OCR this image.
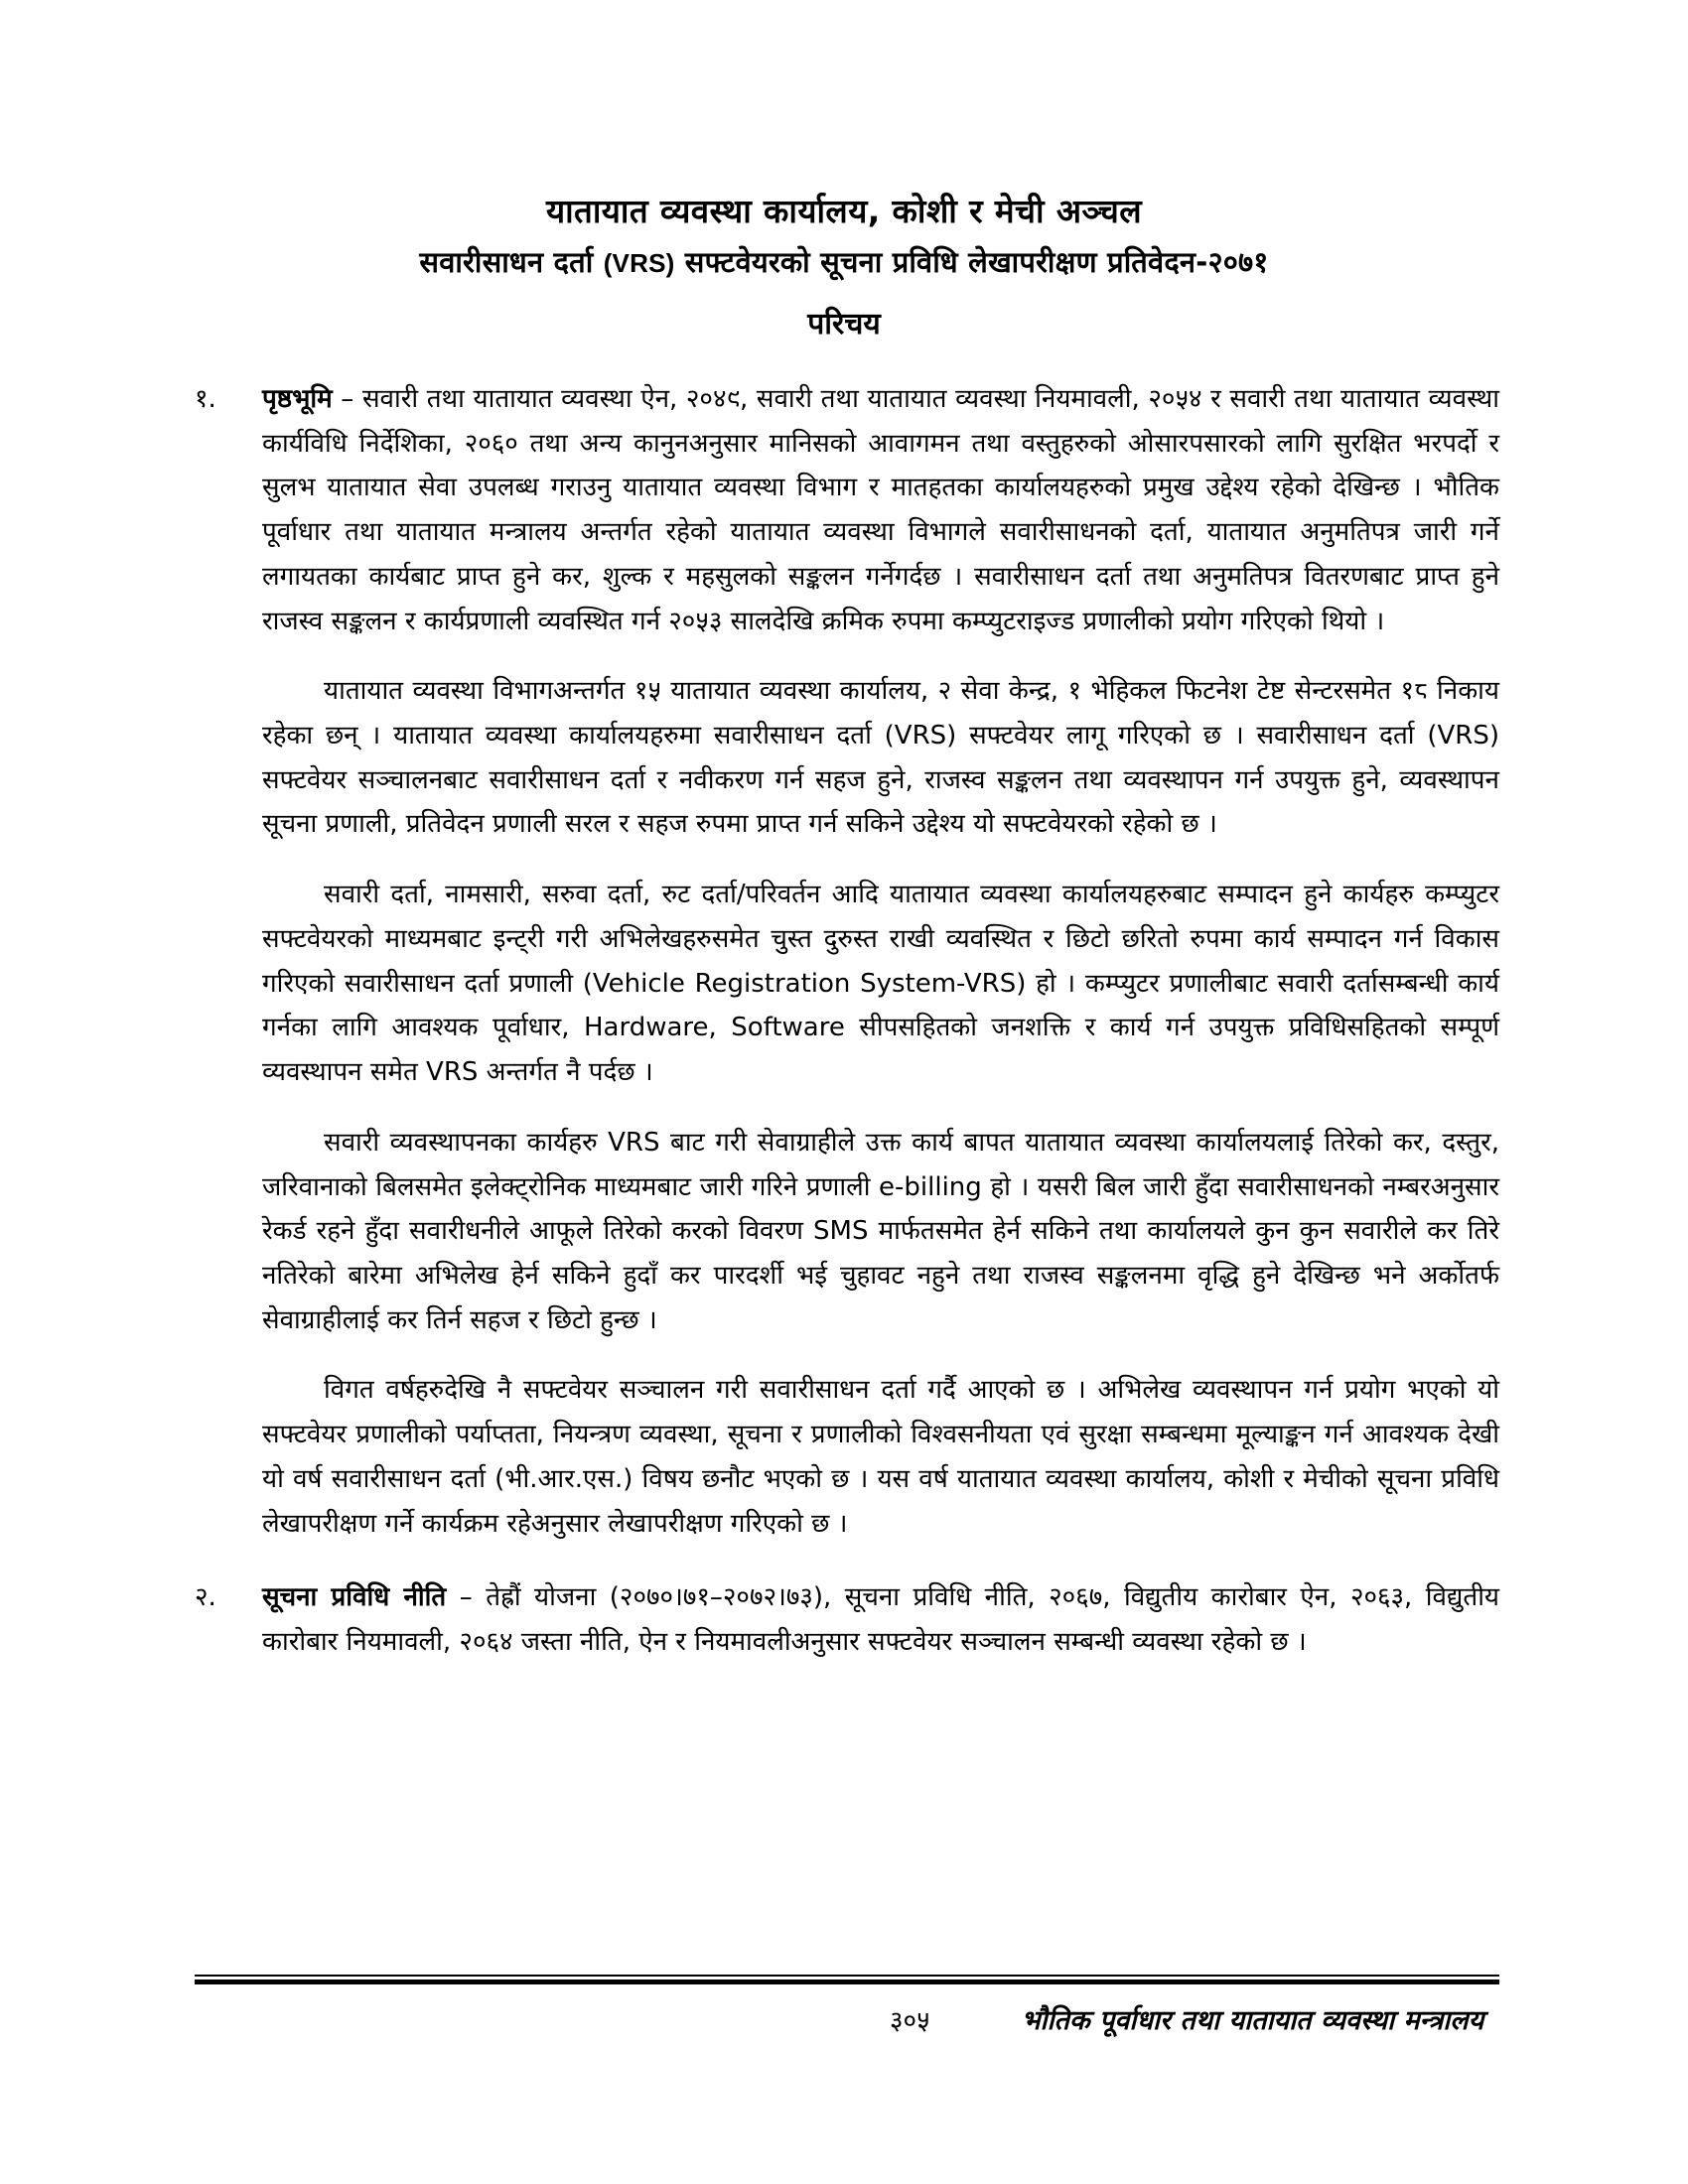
यातायात व्यवस्था कार्यालय, कोशी र मेची अञ्चल
सवारीसाधन दर्ता (VRS) सफ्टवेयरको सूचना प्रविधि लेखापरीक्षण प्रतिवेदन-२०७१
परिचय
१.	पृष्ठभूमि – सवारी तथा यातायात व्यवस्था ऐन, २०४९, सवारी तथा यातायात व्यवस्था नियमावली, २०५४ र सवारी तथा यातायात व्यवस्था कार्यविधि निर्देशिका, २०६० तथा अन्य कानुनअनुसार मानिसको आवागमन तथा वस्तुहरुको ओसारपसारको लागि सुरक्षित भरपर्दो र सुलभ यातायात सेवा उपलब्ध गराउनु यातायात व्यवस्था विभाग र मातहतका कार्यालयहरुको प्रमुख उद्देश्य रहेको देखिन्छ । भौतिक पूर्वाधार तथा यातायात मन्त्रालय अन्तर्गत रहेको यातायात व्यवस्था विभागले सवारीसाधनको दर्ता, यातायात अनुमतिपत्र जारी गर्ने लगायतका कार्यबाट प्राप्त हुने कर, शुल्क र महसुलको सङ्कलन गर्नेगर्दछ । सवारीसाधन दर्ता तथा अनुमतिपत्र वितरणबाट प्राप्त हुने राजस्व सङ्कलन र कार्यप्रणाली व्यवस्थित गर्न २०५३ सालदेखि क्रमिक रुपमा कम्प्युटराइज्ड प्रणालीको प्रयोग गरिएको थियो ।

यातायात व्यवस्था विभागअन्तर्गत १५ यातायात व्यवस्था कार्यालय, २ सेवा केन्द्र, १ भेहिकल फिटनेश टेष्ट सेन्टरसमेत १८ निकाय रहेका छन् । यातायात व्यवस्था कार्यालयहरुमा सवारीसाधन दर्ता (VRS) सफ्टवेयर लागू गरिएको छ । सवारीसाधन दर्ता (VRS) सफ्टवेयर सञ्चालनबाट सवारीसाधन दर्ता र नवीकरण गर्न सहज हुने, राजस्व सङ्कलन तथा व्यवस्थापन गर्न उपयुक्त हुने, व्यवस्थापन सूचना प्रणाली, प्रतिवेदन प्रणाली सरल र सहज रुपमा प्राप्त गर्न सकिने उद्देश्य यो सफ्टवेयरको रहेको छ ।

सवारी दर्ता, नामसारी, सरुवा दर्ता, रुट दर्ता/परिवर्तन आदि यातायात व्यवस्था कार्यालयहरुबाट सम्पादन हुने कार्यहरु कम्प्युटर सफ्टवेयरको माध्यमबाट इन्ट्री गरी अभिलेखहरुसमेत चुस्त दुरुस्त राखी व्यवस्थित र छिटो छरितो रुपमा कार्य सम्पादन गर्न विकास गरिएको सवारीसाधन दर्ता प्रणाली (Vehicle Registration System-VRS) हो । कम्प्युटर प्रणालीबाट सवारी दर्तासम्बन्धी कार्य गर्नका लागि आवश्यक पूर्वाधार, Hardware, Software सीपसहितको जनशक्ति र कार्य गर्न उपयुक्त प्रविधिसहितको सम्पूर्ण व्यवस्थापन समेत VRS अन्तर्गत नै पर्दछ ।

सवारी व्यवस्थापनका कार्यहरु VRS बाट गरी सेवाग्राहीले उक्त कार्य बापत यातायात व्यवस्था कार्यालयलाई तिरेको कर, दस्तुर, जरिवानाको बिलसमेत इलेक्ट्रोनिक माध्यमबाट जारी गरिने प्रणाली e-billing हो । यसरी बिल जारी हुँदा सवारीसाधनको नम्बरअनुसार रेकर्ड रहने हुँदा सवारीधनीले आफूले तिरेको करको विवरण SMS मार्फतसमेत हेर्न सकिने तथा कार्यालयले कुन कुन सवारीले कर तिरे नतिरेको बारेमा अभिलेख हेर्न सकिने हुदाँ कर पारदर्शी भई चुहावट नहुने तथा राजस्व सङ्कलनमा वृद्धि हुने देखिन्छ भने अर्कोतर्फ सेवाग्राहीलाई कर तिर्न सहज र छिटो हुन्छ ।

विगत वर्षहरुदेखि नै सफ्टवेयर सञ्चालन गरी सवारीसाधन दर्ता गर्दै आएको छ । अभिलेख व्यवस्थापन गर्न प्रयोग भएको यो सफ्टवेयर प्रणालीको पर्याप्तता, नियन्त्रण व्यवस्था, सूचना र प्रणालीको विश्वसनीयता एवं सुरक्षा सम्बन्धमा मूल्याङ्कन गर्न आवश्यक देखी यो वर्ष सवारीसाधन दर्ता (भी.आर.एस.) विषय छनौट भएको छ । यस वर्ष यातायात व्यवस्था कार्यालय, कोशी र मेचीको सूचना प्रविधि लेखापरीक्षण गर्ने कार्यक्रम रहेअनुसार लेखापरीक्षण गरिएको छ ।

२.	सूचना प्रविधि नीति – तेह्रौं योजना (२०७०।७१–२०७२।७३), सूचना प्रविधि नीति, २०६७, विद्युतीय कारोबार ऐन, २०६३, विद्युतीय कारोबार नियमावली, २०६४ जस्ता नीति, ऐन र नियमावलीअनुसार सफ्टवेयर सञ्चालन सम्बन्धी व्यवस्था रहेको छ ।

३०५	भौतिक पूर्वाधार तथा यातायात व्यवस्था मन्त्रालय
